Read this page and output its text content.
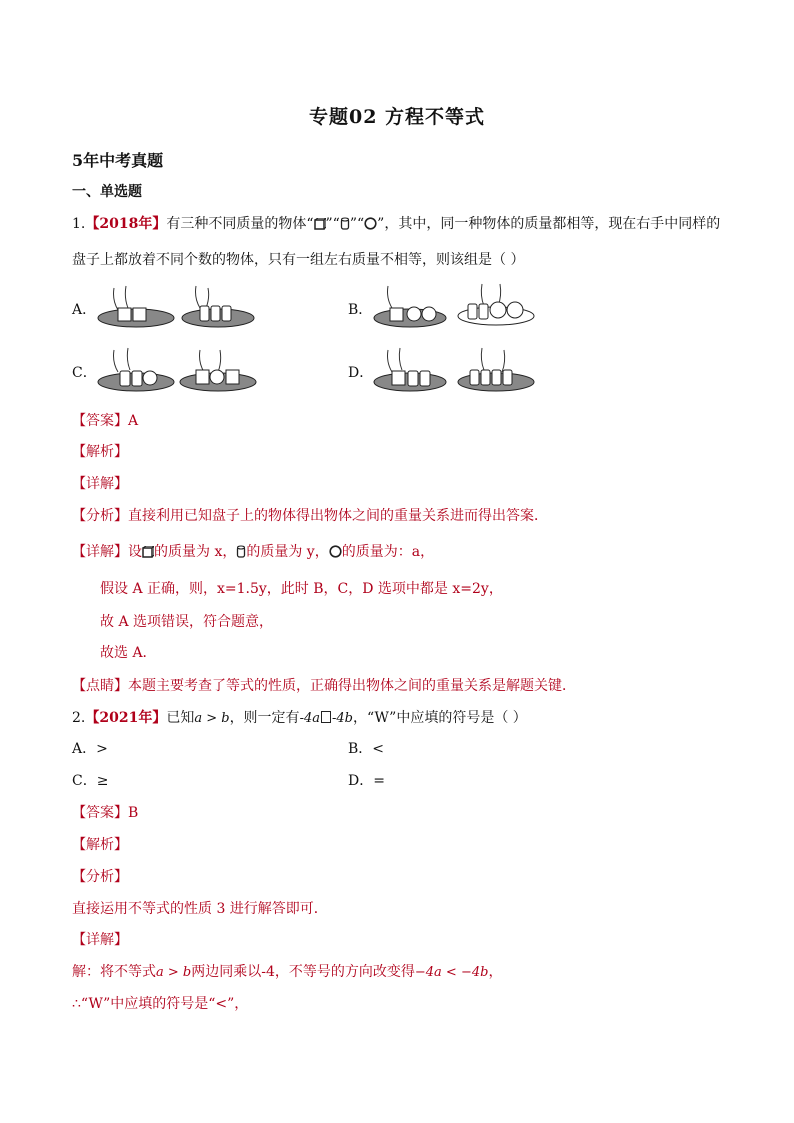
专题02 方程不等式
5年中考真题
一、单选题
1.【2018年】有三种不同质量的物体“ ”“ ”“ ”，其中，同一种物体的质量都相等，现在右手中同样的
盘子上都放着不同个数的物体，只有一组左右质量不相等，则该组是（ ）
A．	B．
C．	D．
【答案】A
【解析】
【详解】
【分析】直接利用已知盘子上的物体得出物体之间的重量关系进而得出答案．
【详解】设 的质量为 x， 的质量为 y， 的质量为：a，
假设 A 正确，则，x=1.5y，此时 B，C，D 选项中都是 x=2y，
故 A 选项错误，符合题意，
故选 A．
【点睛】本题主要考查了等式的性质，正确得出物体之间的重量关系是解题关键．
2.【2021年】已知a > b，则一定有-4a -4b，“W”中应填的符号是（ ）
A．>	B．<
C．≥	D．=
【答案】B
【解析】
【分析】
直接运用不等式的性质 3 进行解答即可．
【详解】
解：将不等式a > b两边同乘以-4，不等号的方向改变得−4a < −4b，
∴“W”中应填的符号是“<”，
